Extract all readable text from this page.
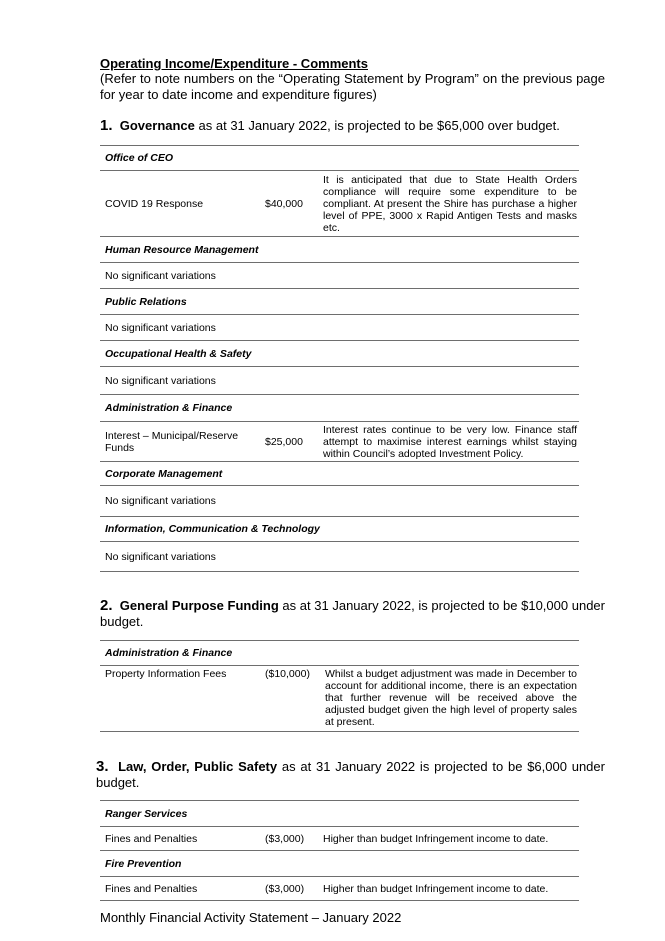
Operating Income/Expenditure - Comments
(Refer to note numbers on the “Operating Statement by Program” on the previous page for year to date income and expenditure figures)
1. Governance as at 31 January 2022, is projected to be $65,000 over budget.
Office of CEO		
COVID 19 Response	$40,000	It is anticipated that due to State Health Orders compliance will require some expenditure to be compliant. At present the Shire has purchase a higher level of PPE, 3000 x Rapid Antigen Tests and masks etc.
Human Resource Management		
No significant variations		
Public Relations		
No significant variations		
Occupational Health & Safety		
No significant variations		
Administration & Finance		
Interest – Municipal/Reserve Funds	$25,000	Interest rates continue to be very low. Finance staff attempt to maximise interest earnings whilst staying within Council’s adopted Investment Policy.
Corporate Management		
No significant variations		
Information, Communication & Technology		
No significant variations		
2. General Purpose Funding as at 31 January 2022, is projected to be $10,000 under budget.
Administration & Finance
Property Information Fees	($10,000)	Whilst a budget adjustment was made in December to account for additional income, there is an expectation that further revenue will be received above the adjusted budget given the high level of property sales at present.
3. Law, Order, Public Safety as at 31 January 2022 is projected to be $6,000 under budget.
Ranger Services		
Fines and Penalties	($3,000)	Higher than budget Infringement income to date.
Fire Prevention		
Fines and Penalties	($3,000)	Higher than budget Infringement income to date.
Monthly Financial Activity Statement – January 2022
